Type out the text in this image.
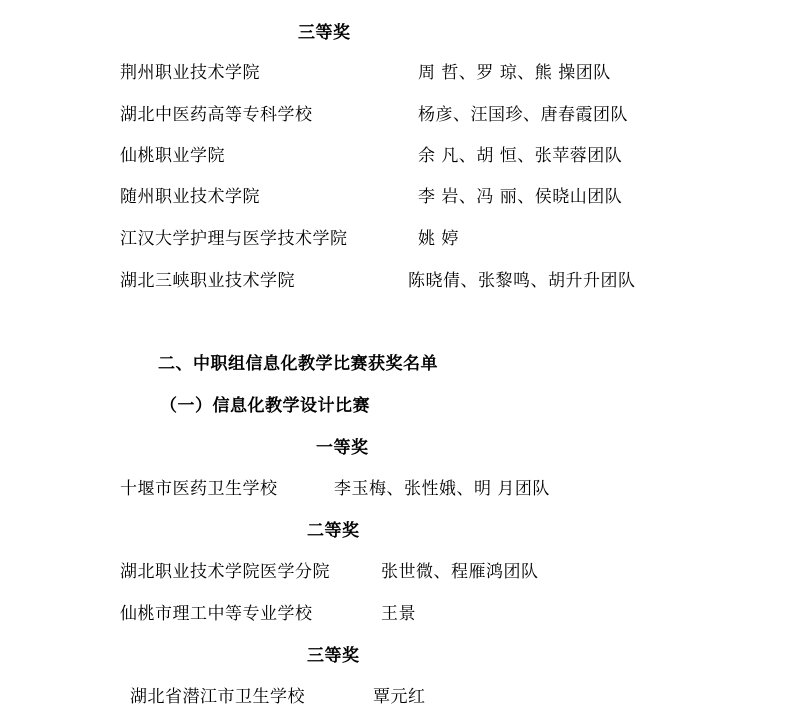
三等奖
荆州职业技术学院	周 哲、罗 琼、熊 操团队
湖北中医药高等专科学校	杨彦、汪国珍、唐春霞团队
仙桃职业学院	余 凡、胡 恒、张苹蓉团队
随州职业技术学院	李 岩、冯 丽、侯晓山团队
江汉大学护理与医学技术学院	姚 婷
湖北三峡职业技术学院	陈晓倩、张黎鸣、胡升升团队
二、中职组信息化教学比赛获奖名单
（一）信息化教学设计比赛
一等奖
十堰市医药卫生学校	李玉梅、张性娥、明 月团队
二等奖
湖北职业技术学院医学分院	张世微、程雁鸿团队
仙桃市理工中等专业学校	王景
三等奖
湖北省潜江市卫生学校	覃元红
